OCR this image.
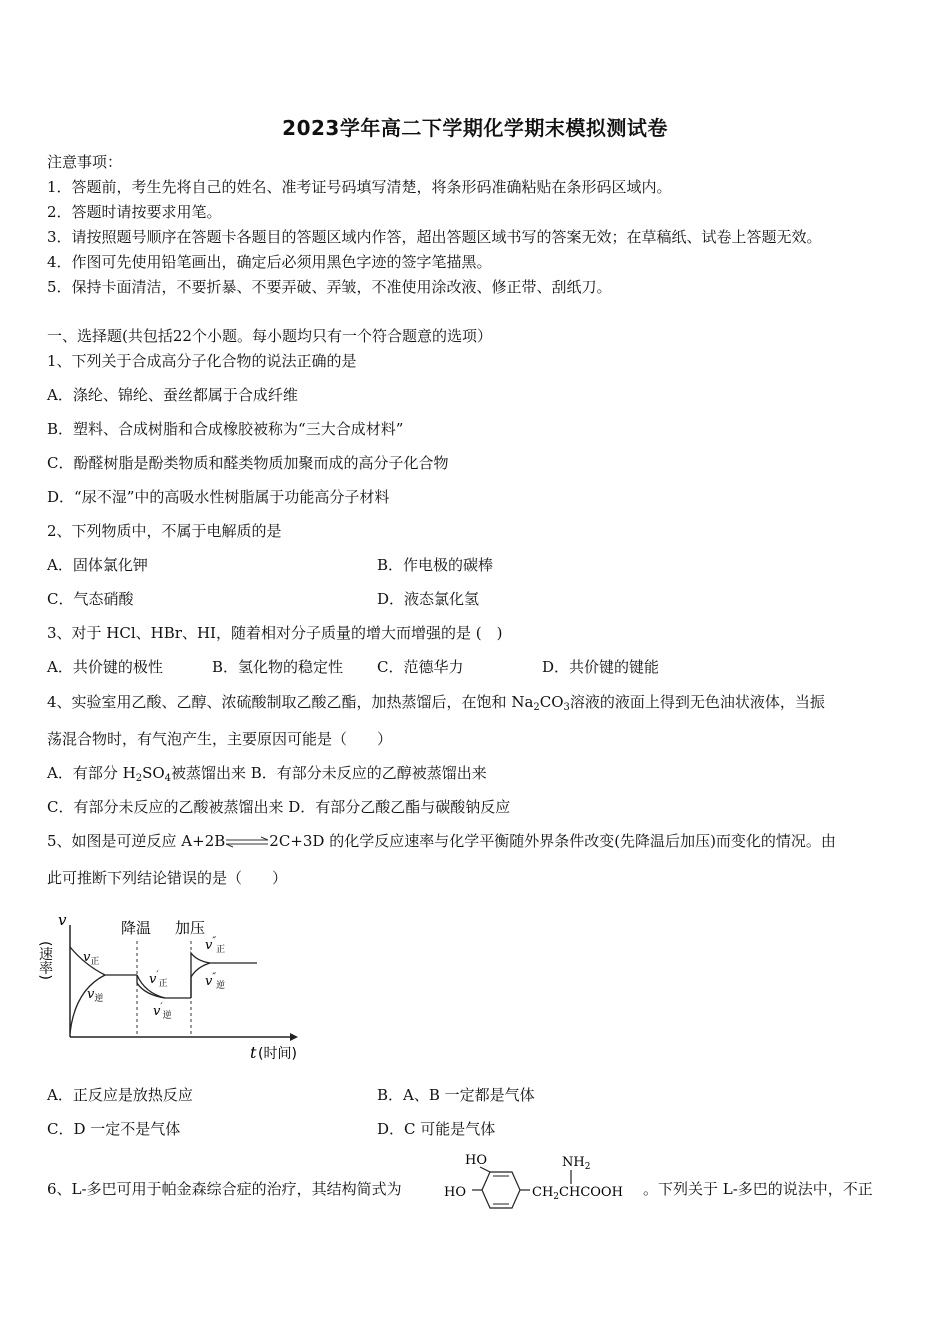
2023学年高二下学期化学期末模拟测试卷
注意事项：
1．答题前，考生先将自己的姓名、准考证号码填写清楚，将条形码准确粘贴在条形码区域内。
2．答题时请按要求用笔。
3．请按照题号顺序在答题卡各题目的答题区域内作答，超出答题区域书写的答案无效；在草稿纸、试卷上答题无效。
4．作图可先使用铅笔画出，确定后必须用黑色字迹的签字笔描黑。
5．保持卡面清洁，不要折暴、不要弄破、弄皱，不准使用涂改液、修正带、刮纸刀。
一、选择题(共包括22个小题。每小题均只有一个符合题意的选项）
1、下列关于合成高分子化合物的说法正确的是
A．涤纶、锦纶、蚕丝都属于合成纤维
B．塑料、合成树脂和合成橡胶被称为“三大合成材料”
C．酚醛树脂是酚类物质和醛类物质加聚而成的高分子化合物
D．“尿不湿”中的高吸水性树脂属于功能高分子材料
2、下列物质中，不属于电解质的是
A．固体氯化钾	B．作电极的碳棒
C．气态硝酸	D．液态氯化氢
3、对于 HCl、HBr、HI，随着相对分子质量的增大而增强的是 (　)
A．共价键的极性	B．氢化物的稳定性 C．范德华力	D．共价键的键能
4、实验室用乙酸、乙醇、浓硫酸制取乙酸乙酯，加热蒸馏后，在饱和 $Na_2CO_3$溶液的液面上得到无色油状液体，当振
荡混合物时，有气泡产生，主要原因可能是（　　）
A．有部分 $H_2SO_4$被蒸馏出来 B．有部分未反应的乙醇被蒸馏出来
C．有部分未反应的乙酸被蒸馏出来 D．有部分乙酸乙酯与碳酸钠反应
5、如图是可逆反应 A+2B⇌2C+3D 的化学反应速率与化学平衡随外界条件改变(先降温后加压)而变化的情况。由
此可推断下列结论错误的是（　　）
v
(速率)
t (时间)
降温 加压
$v_正$
$v_逆$
$v'_正$
$v'_逆$
$v''_正$
$v''_逆$
A．正反应是放热反应	B．A、B 一定都是气体
C．D 一定不是气体	D．C 可能是气体
6、L-多巴可用于帕金森综合症的治疗，其结构简式为
HO
HO	$CH_2CHCOOH$
$NH_2$
。下列关于 L-多巴的说法中，不正
